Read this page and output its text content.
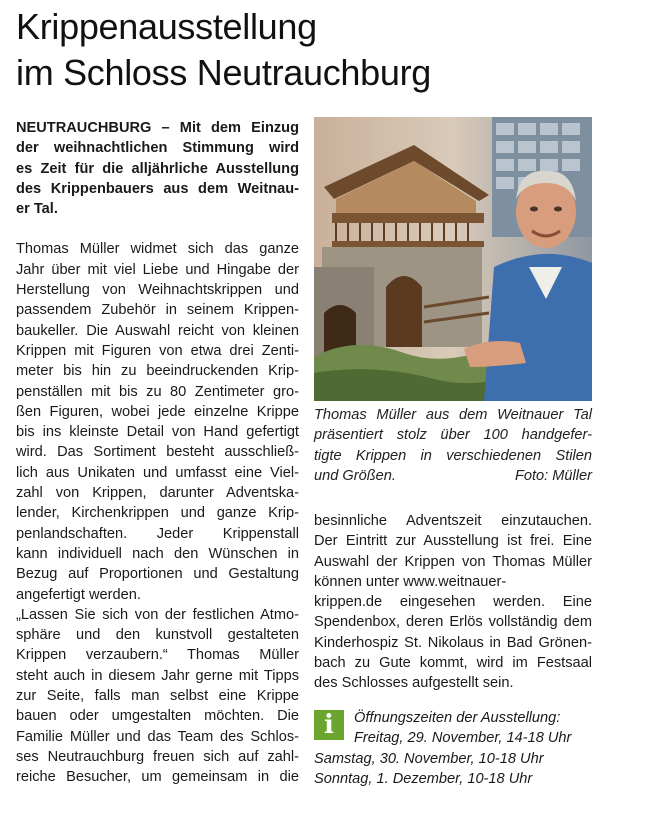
Krippenausstellung
im Schloss Neutrauchburg
NEUTRAUCHBURG – Mit dem Einzug
der weihnachtlichen Stimmung wird
es Zeit für die alljährliche Ausstellung
des Krippenbauers aus dem Weitnau-
er Tal.
Thomas Müller widmet sich das ganze
Jahr über mit viel Liebe und Hingabe der
Herstellung von Weihnachtskrippen und
passendem Zubehör in seinem Krippen-
baukeller. Die Auswahl reicht von kleinen
Krippen mit Figuren von etwa drei Zenti-
meter bis hin zu beeindruckenden Krip-
penställen mit bis zu 80 Zentimeter gro-
ßen Figuren, wobei jede einzelne Krippe
bis ins kleinste Detail von Hand gefertigt
wird. Das Sortiment besteht ausschließ-
lich aus Unikaten und umfasst eine Viel-
zahl von Krippen, darunter Adventska-
lender, Kirchenkrippen und ganze Krip-
penlandschaften. Jeder Krippenstall
kann individuell nach den Wünschen in
Bezug auf Proportionen und Gestaltung
angefertigt werden.
„Lassen Sie sich von der festlichen Atmo-
sphäre und den kunstvoll gestalteten
Krippen verzaubern.“ Thomas Müller
steht auch in diesem Jahr gerne mit Tipps
zur Seite, falls man selbst eine Krippe
bauen oder umgestalten möchten. Die
Familie Müller und das Team des Schlos-
ses Neutrauchburg freuen sich auf zahl-
reiche Besucher, um gemeinsam in die
Thomas Müller aus dem Weitnauer Tal
präsentiert stolz über 100 handgefer-
tigte Krippen in verschiedenen Stilen
und Größen.	Foto: Müller
besinnliche Adventszeit einzutauchen.
Der Eintritt zur Ausstellung ist frei. Eine
Auswahl der Krippen von Thomas Müller
können unter www.weitnauer-
krippen.de eingesehen werden. Eine
Spendenbox, deren Erlös vollständig dem
Kinderhospiz St. Nikolaus in Bad Grönen-
bach zu Gute kommt, wird im Festsaal
des Schlosses aufgestellt sein.
i	Öffnungszeiten der Ausstellung:
Freitag, 29. November, 14-18 Uhr
Samstag, 30. November, 10-18 Uhr
Sonntag, 1. Dezember, 10-18 Uhr
